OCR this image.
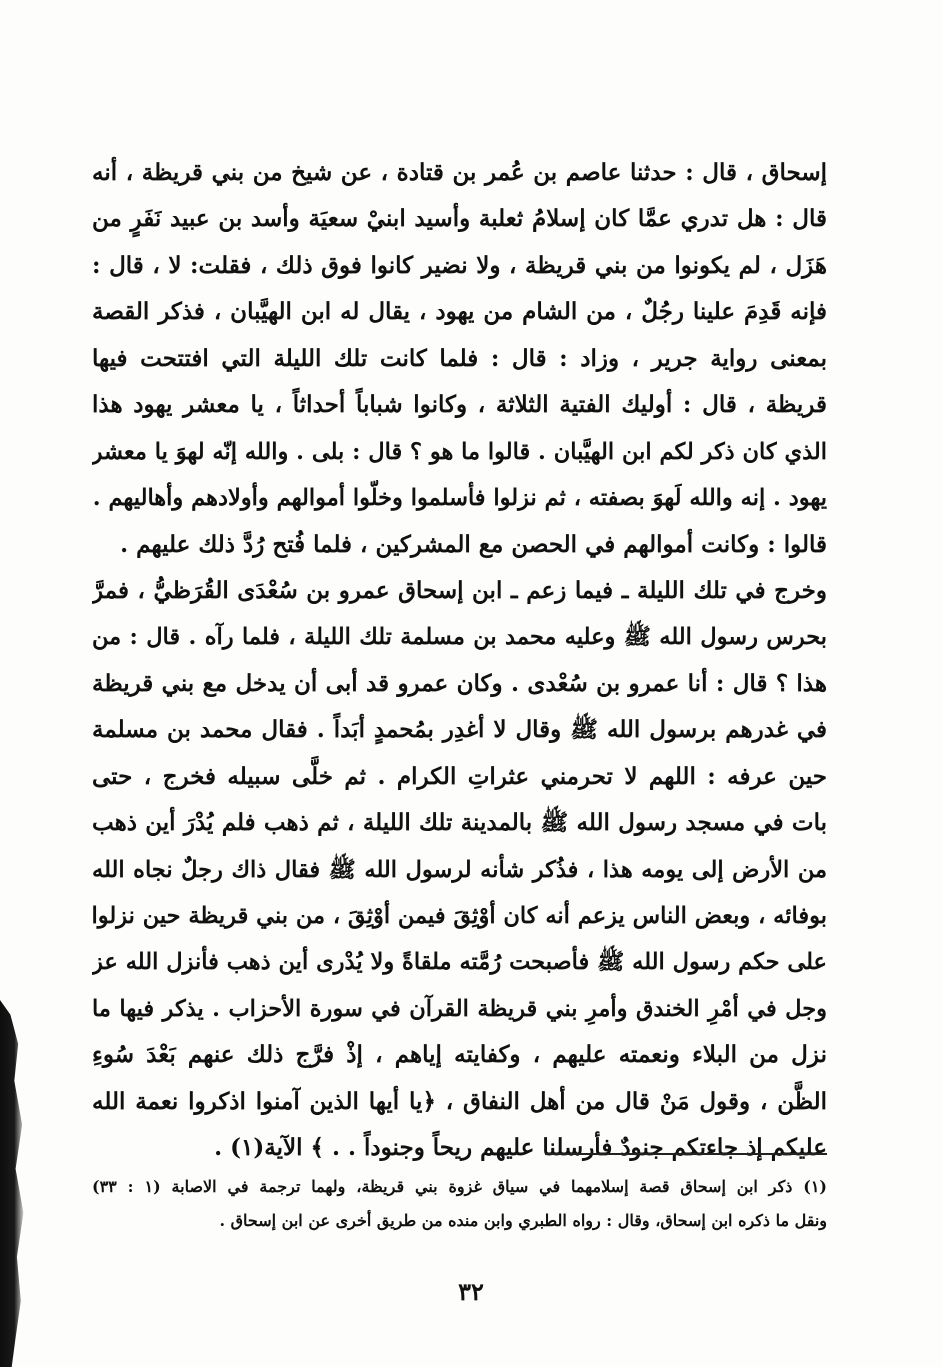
إسحاق ، قال : حدثنا عاصم بن عُمر بن قتادة ، عن شيخ من بني قريظة ، أنه
قال : هل تدري عمَّا كان إسلامُ ثعلبة وأسيد ابنيْ سعيَة وأسد بن عبيد نَفَرٍ من
هَزَل ، لم يكونوا من بني قريظة ، ولا نضير كانوا فوق ذلك ، فقلت: لا ، قال :
فإنه قَدِمَ علينا رجُلٌ ، من الشام من يهود ، يقال له ابن الهيَّبان ، فذكر القصة
بمعنى رواية جرير ، وزاد : قال : فلما كانت تلك الليلة التي افتتحت فيها
قريظة ، قال : أوليك الفتية الثلاثة ، وكانوا شباباً أحداثاً ، يا معشر يهود هذا
الذي كان ذكر لكم ابن الهيَّبان . قالوا ما هو ؟ قال : بلى . والله إنّه لهوَ يا معشر
يهود . إنه والله لَهوَ بصفته ، ثم نزلوا فأسلموا وخلّوا أموالهم وأولادهم وأهاليهم .
قالوا : وكانت أموالهم في الحصن مع المشركين ، فلما فُتح رُدَّ ذلك عليهم .
وخرج في تلك الليلة ـ فيما زعم ـ ابن إسحاق عمرو بن سُعْدَى القُرَظيُّ ، فمرَّ
بحرس رسول الله ﷺ وعليه محمد بن مسلمة تلك الليلة ، فلما رآه . قال : من
هذا ؟ قال : أنا عمرو بن سُعْدى . وكان عمرو قد أبى أن يدخل مع بني قريظة
في غدرهم برسول الله ﷺ وقال لا أغدِر بمُحمدٍ أبَداً . فقال محمد بن مسلمة
حين عرفه : اللهم لا تحرمني عثراتِ الكرام . ثم خلَّى سبيله فخرج ، حتى
بات في مسجد رسول الله ﷺ بالمدينة تلك الليلة ، ثم ذهب فلم يُدْرَ أين ذهب
من الأرض إلى يومه هذا ، فذُكر شأنه لرسول الله ﷺ فقال ذاك رجلٌ نجاه الله
بوفائه ، وبعض الناس يزعم أنه كان أوْثِقَ فيمن أوْثِقَ ، من بني قريظة حين نزلوا
على حكم رسول الله ﷺ فأصبحت رُمَّته ملقاةً ولا يُدْرى أين ذهب فأنزل الله عز
وجل في أمْرِ الخندق وأمرِ بني قريظة القرآن في سورة الأحزاب . يذكر فيها ما
نزل من البلاء ونعمته عليهم ، وكفايته إياهم ، إذْ فرَّج ذلك عنهم بَعْدَ سُوءِ
الظَّن ، وقول مَنْ قال من أهل النفاق ، ﴿يا أيها الذين آمنوا اذكروا نعمة الله
عليكم إذ جاءتكم جنودٌ فأرسلنا عليهم ريحاً وجنوداً . . ﴾ الآية(١) .
(١) ذكر ابن إسحاق قصة إسلامهما في سياق غزوة بني قريظة، ولهما ترجمة في الاصابة (١ : ٣٣)
ونقل ما ذكره ابن إسحاق، وقال : رواه الطبري وابن منده من طريق أخرى عن ابن إسحاق .
٣٢
